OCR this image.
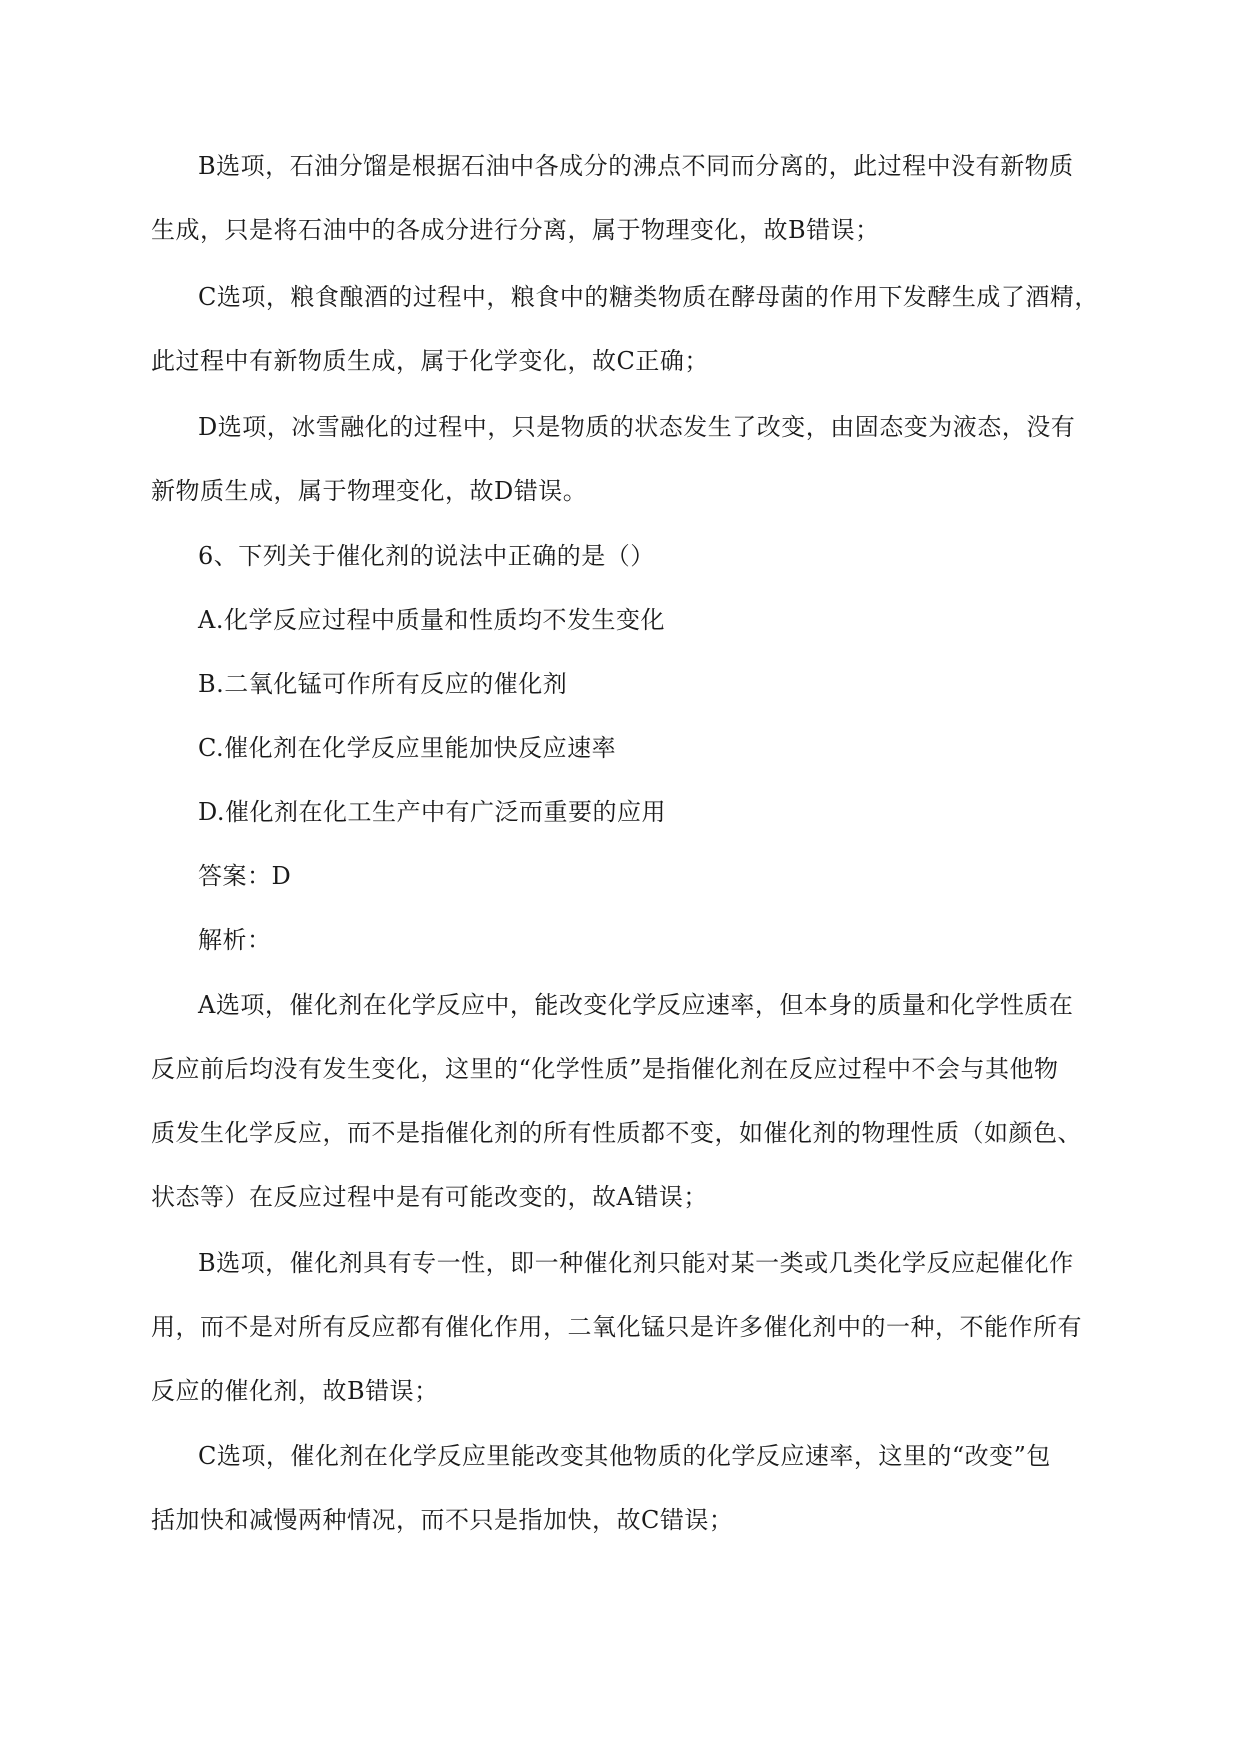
B选项，石油分馏是根据石油中各成分的沸点不同而分离的，此过程中没有新物质
生成，只是将石油中的各成分进行分离，属于物理变化，故B错误；
C选项，粮食酿酒的过程中，粮食中的糖类物质在酵母菌的作用下发酵生成了酒精，
此过程中有新物质生成，属于化学变化，故C正确；
D选项，冰雪融化的过程中，只是物质的状态发生了改变，由固态变为液态，没有
新物质生成，属于物理变化，故D错误。
6、下列关于催化剂的说法中正确的是（）
A.化学反应过程中质量和性质均不发生变化
B.二氧化锰可作所有反应的催化剂
C.催化剂在化学反应里能加快反应速率
D.催化剂在化工生产中有广泛而重要的应用
答案：D
解析：
A选项，催化剂在化学反应中，能改变化学反应速率，但本身的质量和化学性质在
反应前后均没有发生变化，这里的“化学性质”是指催化剂在反应过程中不会与其他物
质发生化学反应，而不是指催化剂的所有性质都不变，如催化剂的物理性质（如颜色、
状态等）在反应过程中是有可能改变的，故A错误；
B选项，催化剂具有专一性，即一种催化剂只能对某一类或几类化学反应起催化作
用，而不是对所有反应都有催化作用，二氧化锰只是许多催化剂中的一种，不能作所有
反应的催化剂，故B错误；
C选项，催化剂在化学反应里能改变其他物质的化学反应速率，这里的“改变”包
括加快和减慢两种情况，而不只是指加快，故C错误；
